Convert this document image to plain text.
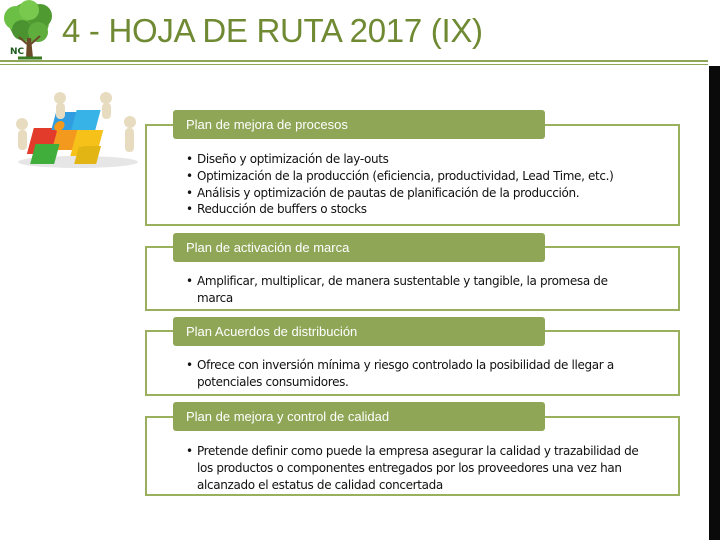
NC
4 - HOJA DE RUTA 2017 (IX)
• Diseño y optimización de lay-outs
• Optimización de la producción (eficiencia, productividad, Lead Time, etc.)
• Análisis y optimización de pautas de planificación de la producción.
• Reducción de buffers o stocks
Plan de mejora de procesos
• Amplificar, multiplicar, de manera sustentable y tangible, la promesa de
marca
Plan de activación de marca
• Ofrece con inversión mínima y riesgo controlado la posibilidad de llegar a
potenciales consumidores.
Plan Acuerdos de distribución
• Pretende definir como puede la empresa asegurar la calidad y trazabilidad de
los productos o componentes entregados por los proveedores una vez han
alcanzado el estatus de calidad concertada
Plan de mejora y control de calidad
